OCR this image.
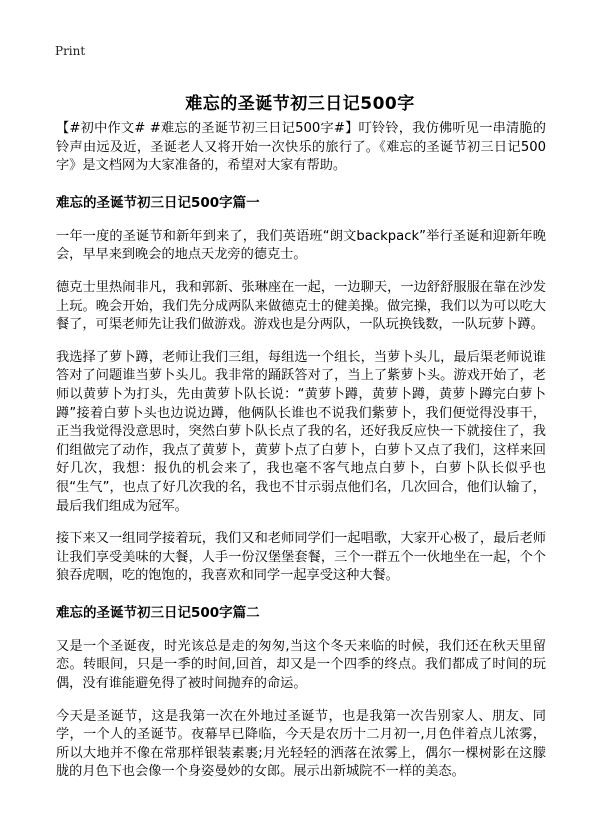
Print
难忘的圣诞节初三日记500字

【#初中作文# #难忘的圣诞节初三日记500字#】叮铃铃，我仿佛听见一串清脆的铃声由远及近，圣诞老人又将开始一次快乐的旅行了。《难忘的圣诞节初三日记500字》是文档网为大家准备的，希望对大家有帮助。

难忘的圣诞节初三日记500字篇一

一年一度的圣诞节和新年到来了，我们英语班“朗文backpack”举行圣诞和迎新年晚会，早早来到晚会的地点天龙旁的德克士。

德克士里热闹非凡，我和郭新、张琳座在一起，一边聊天，一边舒舒服服在靠在沙发上玩。晚会开始，我们先分成两队来做德克士的健美操。做完操，我们以为可以吃大餐了，可渠老师先让我们做游戏。游戏也是分两队，一队玩换钱数，一队玩萝卜蹲。

我选择了萝卜蹲，老师让我们三组，每组选一个组长，当萝卜头儿，最后渠老师说谁答对了问题谁当萝卜头儿。我非常的踊跃答对了，当上了紫萝卜头。游戏开始了，老师以黄萝卜为打头，先由黄萝卜队长说：“黄萝卜蹲，黄萝卜蹲，黄萝卜蹲完白萝卜蹲”接着白萝卜头也边说边蹲，他俩队长谁也不说我们紫萝卜，我们便觉得没事干，正当我觉得没意思时，突然白萝卜队长点了我的名，还好我反应快一下就接住了，我们组做完了动作，我点了黄萝卜，黄萝卜点了白萝卜，白萝卜又点了我们，这样来回好几次，我想：报仇的机会来了，我也毫不客气地点白萝卜，白萝卜队长似乎也很“生气”，也点了好几次我的名，我也不甘示弱点他们名，几次回合，他们认输了，最后我们组成为冠军。

接下来又一组同学接着玩，我们又和老师同学们一起唱歌，大家开心极了，最后老师让我们享受美味的大餐，人手一份汉堡堡套餐，三个一群五个一伙地坐在一起，个个狼吞虎咽，吃的饱饱的，我喜欢和同学一起享受这种大餐。

难忘的圣诞节初三日记500字篇二

又是一个圣诞夜，时光该总是走的匆匆,当这个冬天来临的时候，我们还在秋天里留恋。转眼间，只是一季的时间,回首，却又是一个四季的终点。我们都成了时间的玩偶，没有谁能避免得了被时间抛弃的命运。

今天是圣诞节，这是我第一次在外地过圣诞节，也是我第一次告别家人、朋友、同学，一个人的圣诞节。夜幕早已降临，今天是农历十二月初一,月色伴着点儿浓雾，所以大地并不像在常那样银装素裹;月光轻轻的洒落在浓雾上，偶尔一棵树影在这朦胧的月色下也会像一个身姿曼妙的女郎。展示出新城院不一样的美态。
